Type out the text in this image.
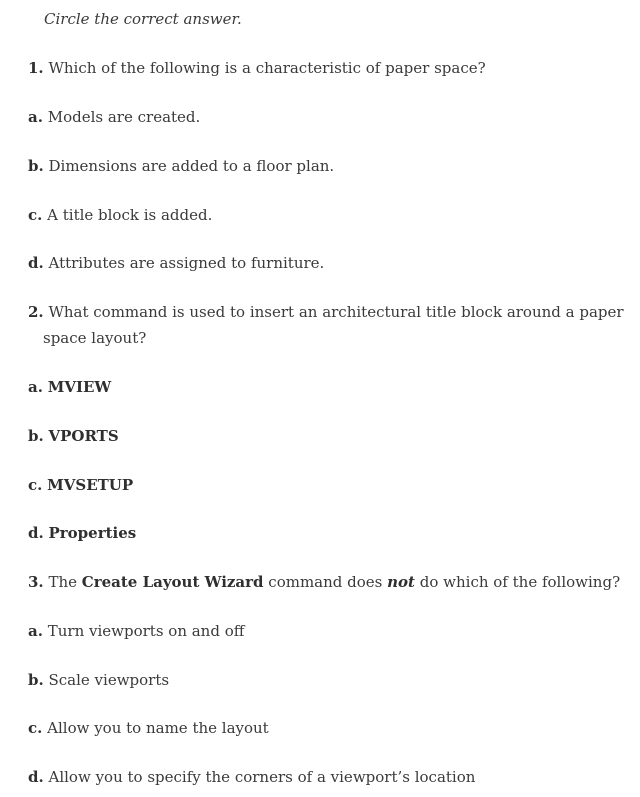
Circle the correct answer.
1. Which of the following is a characteristic of paper space?
a. Models are created.
b. Dimensions are added to a floor plan.
c. A title block is added.
d. Attributes are assigned to furniture.
2. What command is used to insert an architectural title block around a paper space layout?
a. MVIEW
b. VPORTS
c. MVSETUP
d. Properties
3. The Create Layout Wizard command does not do which of the following?
a. Turn viewports on and off
b. Scale viewports
c. Allow you to name the layout
d. Allow you to specify the corners of a viewport’s location
